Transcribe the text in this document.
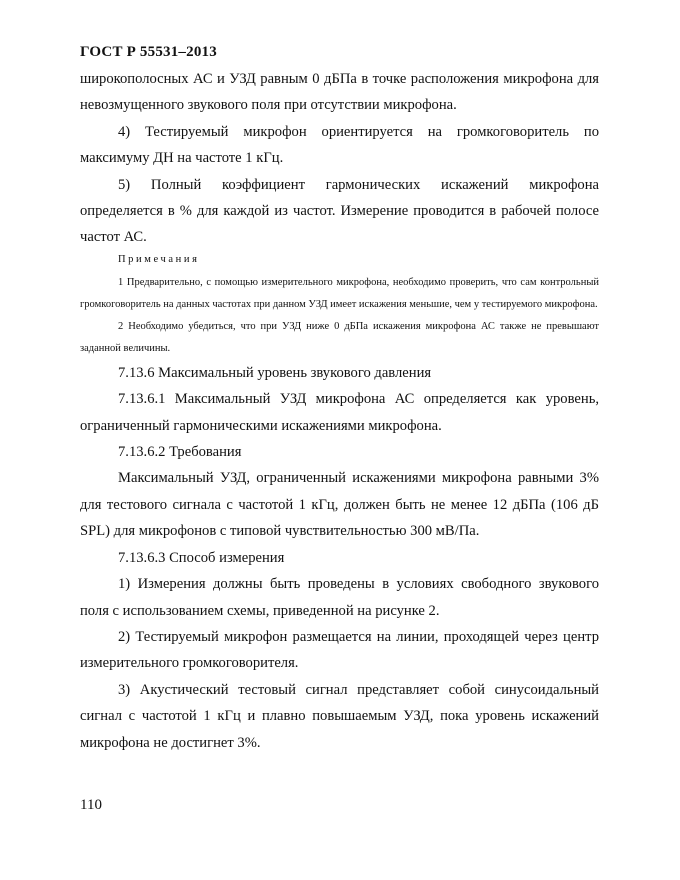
ГОСТ Р 55531–2013

широкополосных АС и УЗД равным 0 дБПа в точке расположения микрофона для невозмущенного звукового поля при отсутствии микрофона.

4) Тестируемый микрофон ориентируется на громкоговоритель по максимуму ДН на частоте 1 кГц.

5) Полный коэффициент гармонических искажений микрофона определяется в % для каждой из частот. Измерение проводится в рабочей полосе частот АС.

Примечания

1 Предварительно, с помощью измерительного микрофона, необходимо проверить, что сам контрольный громкоговоритель на данных частотах при данном УЗД имеет искажения меньшие, чем у тестируемого микрофона.

2 Необходимо убедиться, что при УЗД ниже 0 дБПа искажения микрофона АС также не превышают заданной величины.

7.13.6 Максимальный уровень звукового давления

7.13.6.1 Максимальный УЗД микрофона АС определяется как уровень, ограниченный гармоническими искажениями микрофона.

7.13.6.2 Требования

Максимальный УЗД, ограниченный искажениями микрофона равными 3% для тестового сигнала с частотой 1 кГц, должен быть не менее 12 дБПа (106 дБ SPL) для микрофонов с типовой чувствительностью 300 мВ/Па.

7.13.6.3 Способ измерения

1) Измерения должны быть проведены в условиях свободного звукового поля с использованием схемы, приведенной на рисунке 2.

2) Тестируемый микрофон размещается на линии, проходящей через центр измерительного громкоговорителя.

3) Акустический тестовый сигнал представляет собой синусоидальный сигнал с частотой 1 кГц и плавно повышаемым УЗД, пока уровень искажений микрофона не достигнет 3%.

110
